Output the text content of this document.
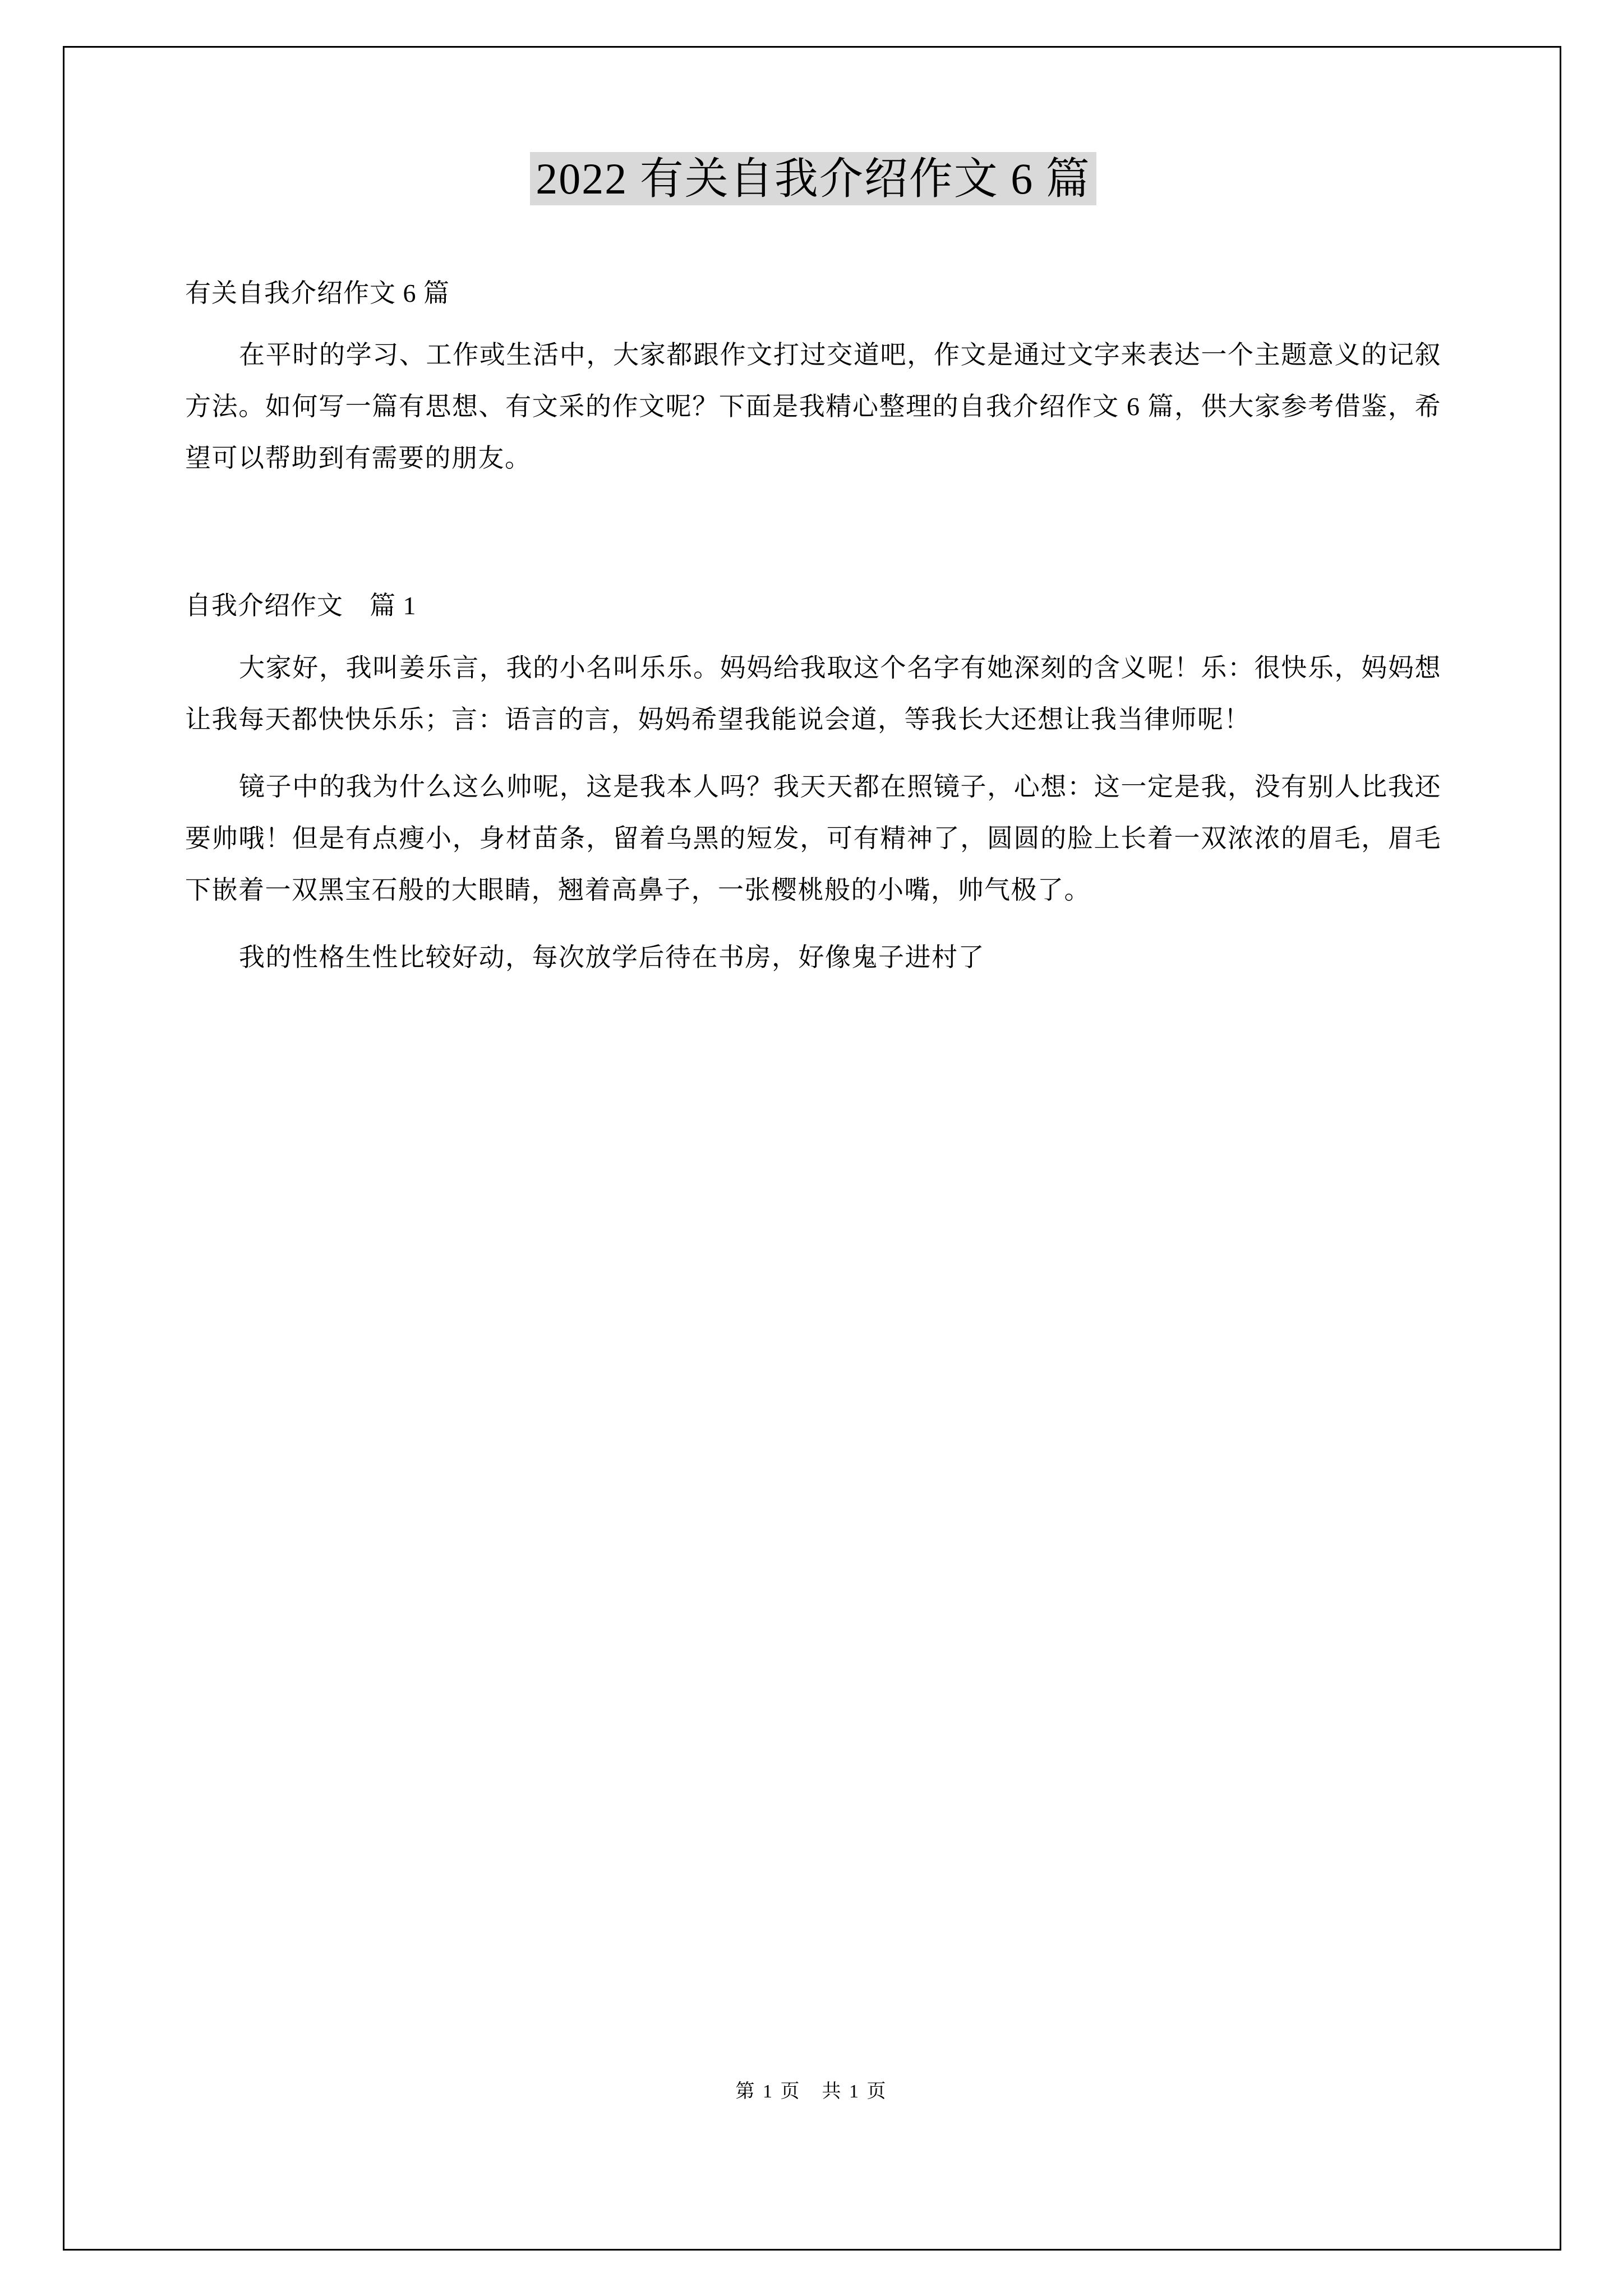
2022 有关自我介绍作文 6 篇
有关自我介绍作文 6 篇

在平时的学习、工作或生活中，大家都跟作文打过交道吧，作文是通过文字来表达一个主题意义的记叙方法。如何写一篇有思想、有文采的作文呢？下面是我精心整理的自我介绍作文 6 篇，供大家参考借鉴，希望可以帮助到有需要的朋友。

自我介绍作文　篇 1

大家好，我叫姜乐言，我的小名叫乐乐。妈妈给我取这个名字有她深刻的含义呢！乐：很快乐，妈妈想让我每天都快快乐乐；言：语言的言，妈妈希望我能说会道，等我长大还想让我当律师呢！

镜子中的我为什么这么帅呢，这是我本人吗？我天天都在照镜子，心想：这一定是我，没有别人比我还要帅哦！但是有点瘦小，身材苗条，留着乌黑的短发，可有精神了，圆圆的脸上长着一双浓浓的眉毛，眉毛下嵌着一双黑宝石般的大眼睛，翘着高鼻子，一张樱桃般的小嘴，帅气极了。

我的性格生性比较好动，每次放学后待在书房，好像鬼子进村了

第 1 页　共 1 页
